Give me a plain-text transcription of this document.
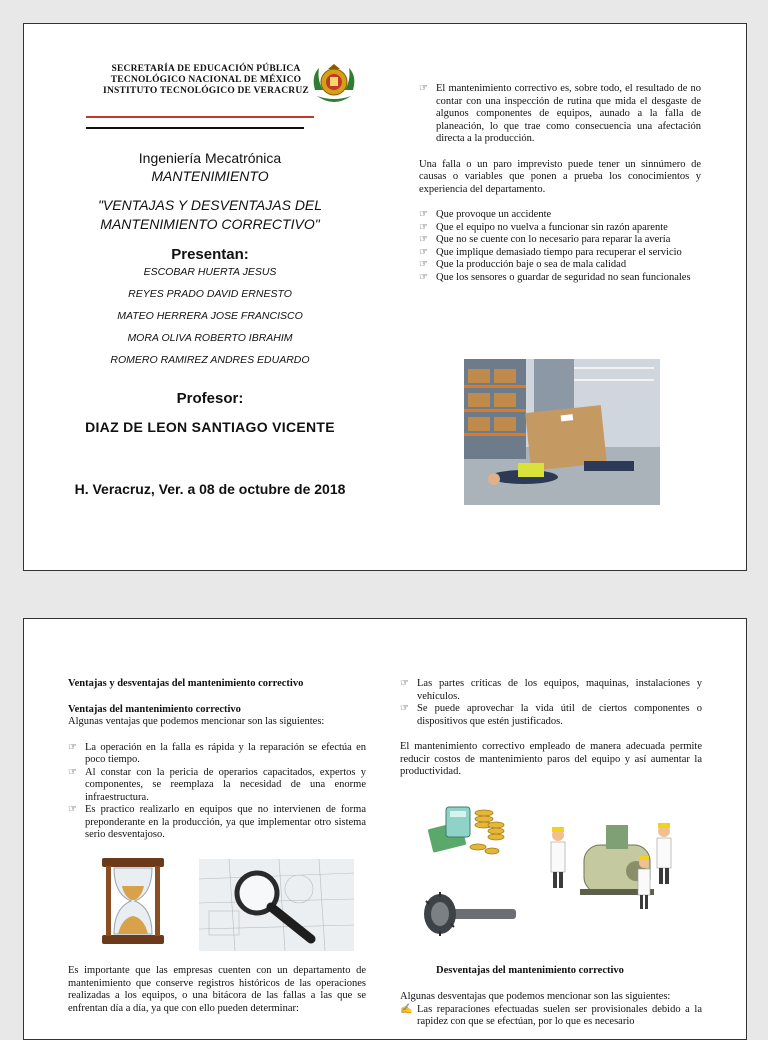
SECRETARÍA DE EDUCACIÓN PÚBLICA
TECNOLÓGICO NACIONAL DE MÉXICO
INSTITUTO TECNOLÓGICO DE VERACRUZ
Ingeniería Mecatrónica
MANTENIMIENTO
"VENTAJAS Y DESVENTAJAS DEL
MANTENIMIENTO CORRECTIVO"
Presentan:
ESCOBAR HUERTA JESUS
REYES PRADO DAVID ERNESTO
MATEO HERRERA JOSE FRANCISCO
MORA OLIVA ROBERTO IBRAHIM
ROMERO RAMIREZ ANDRES EDUARDO
Profesor:
DIAZ DE LEON SANTIAGO VICENTE
H. Veracruz, Ver. a 08 de octubre de 2018
☞ El mantenimiento correctivo es, sobre todo, el resultado de no contar con una inspección de rutina que mida el desgaste de algunos componentes de equipos, aunado a la falla de planeación, lo que trae como consecuencia una afectación directa a la producción.

Una falla o un paro imprevisto puede tener un sinnúmero de causas o variables que ponen a prueba los conocimientos y experiencia del departamento.

☞ Que provoque un accidente
☞ Que el equipo no vuelva a funcionar sin razón aparente
☞ Que no se cuente con lo necesario para reparar la avería
☞ Que implique demasiado tiempo para recuperar el servicio
☞ Que la producción baje o sea de mala calidad
☞ Que los sensores o guardar de seguridad no sean funcionales

Ventajas y desventajas del mantenimiento correctivo

Ventajas del mantenimiento correctivo

Algunas ventajas que podemos mencionar son las siguientes:

☞ La operación en la falla es rápida y la reparación se efectúa en poco tiempo.
☞ Al constar con la pericia de operarios capacitados, expertos y componentes, se reemplaza la necesidad de una enorme infraestructura.
☞ Es practico realizarlo en equipos que no intervienen de forma preponderante en la producción, ya que implementar otro sistema serio desventajoso.

Es importante que las empresas cuenten con un departamento de mantenimiento que conserve registros históricos de las operaciones realizadas a los equipos, o una bitácora de las fallas a las que se enfrentan día a día, ya que con ello pueden determinar:

☞ Las partes críticas de los equipos, maquinas, instalaciones y vehículos.
☞ Se puede aprovechar la vida útil de ciertos componentes o dispositivos que estén justificados.

El mantenimiento correctivo empleado de manera adecuada permite reducir costos de mantenimiento paros del equipo y así aumentar la productividad.

Desventajas del mantenimiento correctivo

Algunas desventajas que podemos mencionar son las siguientes:

✍ Las reparaciones efectuadas suelen ser provisionales debido a la rapidez con que se efectúan, por lo que es necesario
